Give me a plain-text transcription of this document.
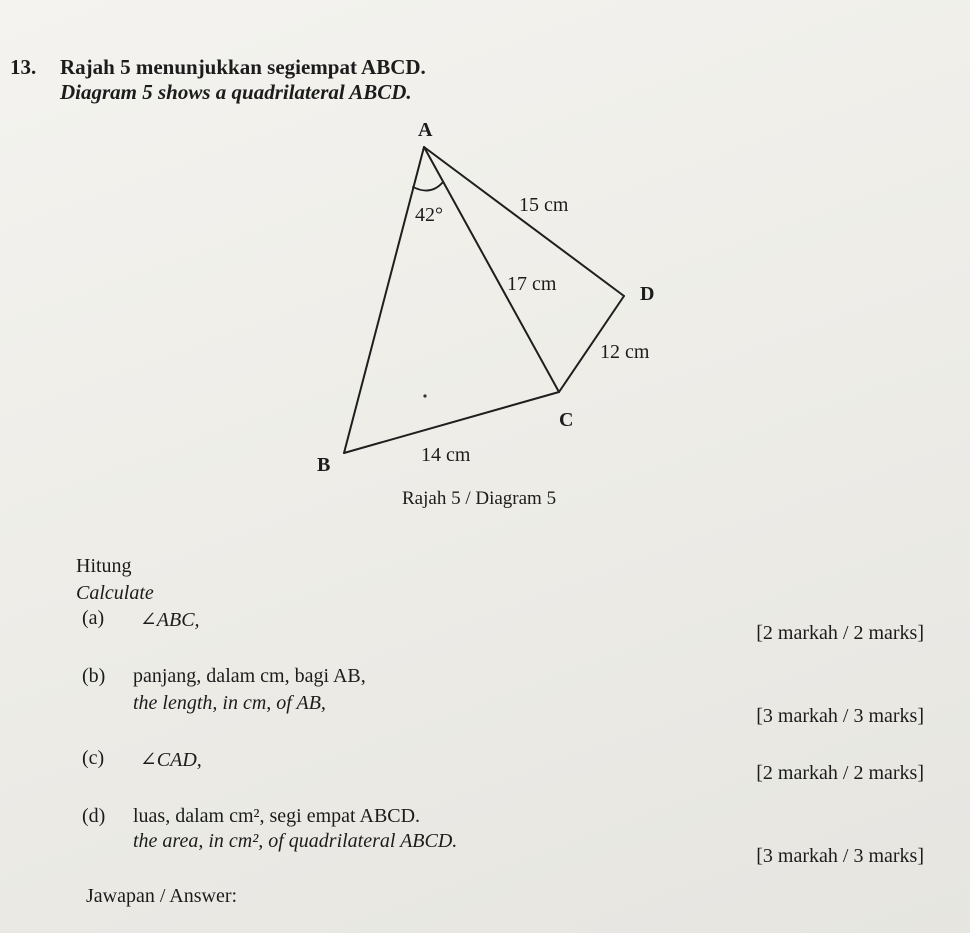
13. Rajah 5 menunjukkan segiempat ABCD.
Diagram 5 shows a quadrilateral ABCD.
A
B
C
D
42°	15 cm
17 cm
12 cm
14 cm
Rajah 5 / Diagram 5
Hitung
Calculate
(a) ∠ABC,
[2 markah / 2 marks]
(b) panjang, dalam cm, bagi AB,
the length, in cm, of AB,
[3 markah / 3 marks]
(c) ∠CAD,
[2 markah / 2 marks]
(d) luas, dalam cm², segi empat ABCD.
the area, in cm², of quadrilateral ABCD.
[3 markah / 3 marks]
Jawapan / Answer:
